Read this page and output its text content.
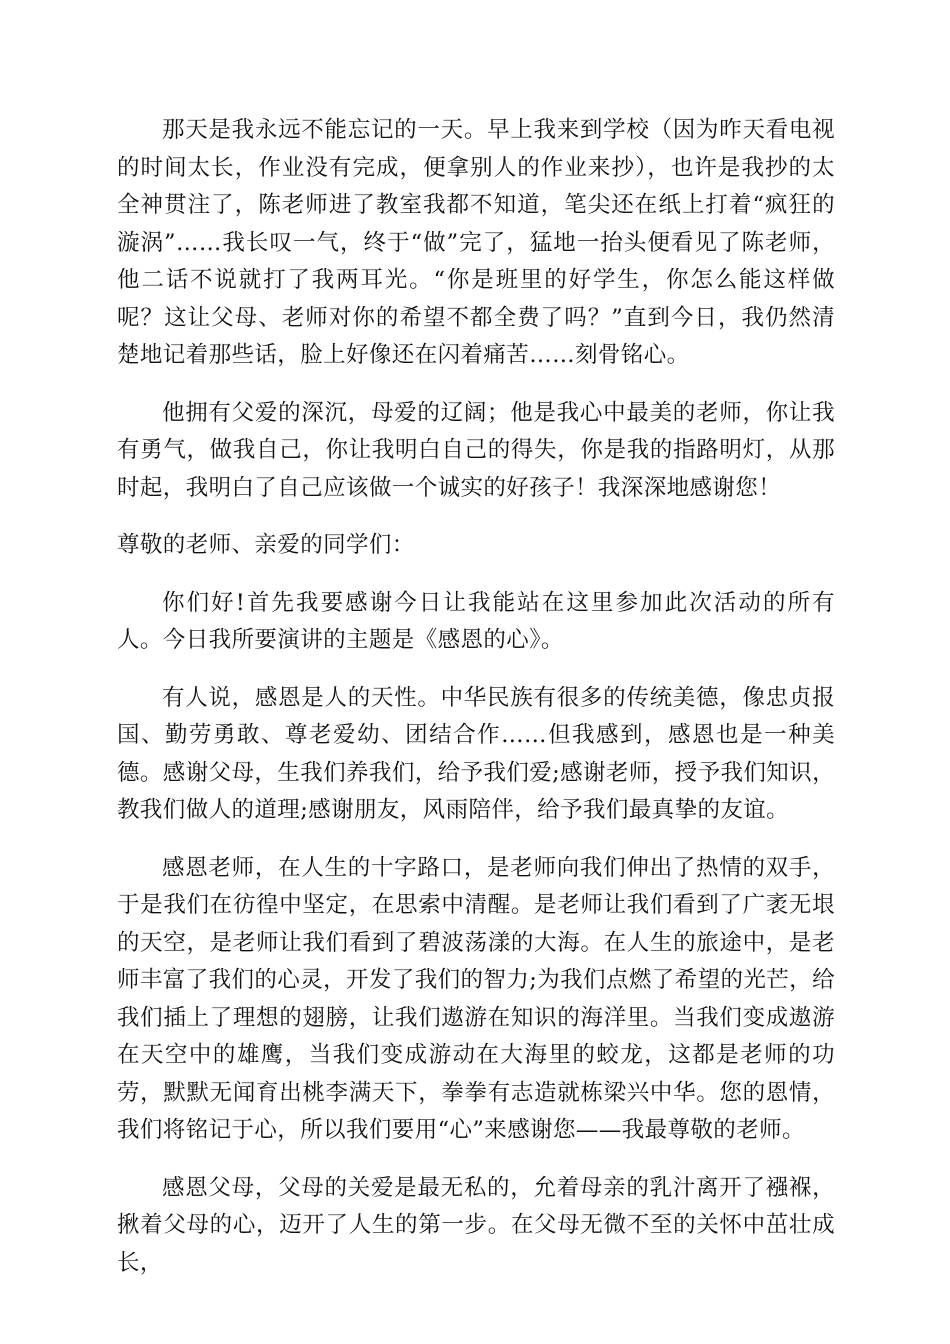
那天是我永远不能忘记的一天。早上我来到学校（因为昨天看电视的时间太长，作业没有完成，便拿别人的作业来抄），也许是我抄的太全神贯注了，陈老师进了教室我都不知道，笔尖还在纸上打着“疯狂的漩涡”……我长叹一气，终于“做”完了，猛地一抬头便看见了陈老师，他二话不说就打了我两耳光。“你是班里的好学生，你怎么能这样做呢？这让父母、老师对你的希望不都全费了吗？”直到今日，我仍然清楚地记着那些话，脸上好像还在闪着痛苦……刻骨铭心。

他拥有父爱的深沉，母爱的辽阔；他是我心中最美的老师，你让我有勇气，做我自己，你让我明白自己的得失，你是我的指路明灯，从那时起，我明白了自己应该做一个诚实的好孩子！我深深地感谢您！

尊敬的老师、亲爱的同学们：

你们好!首先我要感谢今日让我能站在这里参加此次活动的所有人。今日我所要演讲的主题是《感恩的心》。

有人说，感恩是人的天性。中华民族有很多的传统美德，像忠贞报国、勤劳勇敢、尊老爱幼、团结合作……但我感到，感恩也是一种美德。感谢父母，生我们养我们，给予我们爱;感谢老师，授予我们知识，教我们做人的道理;感谢朋友，风雨陪伴，给予我们最真挚的友谊。

感恩老师，在人生的十字路口，是老师向我们伸出了热情的双手，于是我们在彷徨中坚定，在思索中清醒。是老师让我们看到了广袤无垠的天空，是老师让我们看到了碧波荡漾的大海。在人生的旅途中，是老师丰富了我们的心灵，开发了我们的智力;为我们点燃了希望的光芒，给我们插上了理想的翅膀，让我们遨游在知识的海洋里。当我们变成遨游在天空中的雄鹰，当我们变成游动在大海里的蛟龙，这都是老师的功劳，默默无闻育出桃李满天下，拳拳有志造就栋梁兴中华。您的恩情，我们将铭记于心，所以我们要用“心”来感谢您——我最尊敬的老师。

感恩父母，父母的关爱是最无私的，允着母亲的乳汁离开了襁褓，揪着父母的心，迈开了人生的第一步。在父母无微不至的关怀中茁壮成长，
